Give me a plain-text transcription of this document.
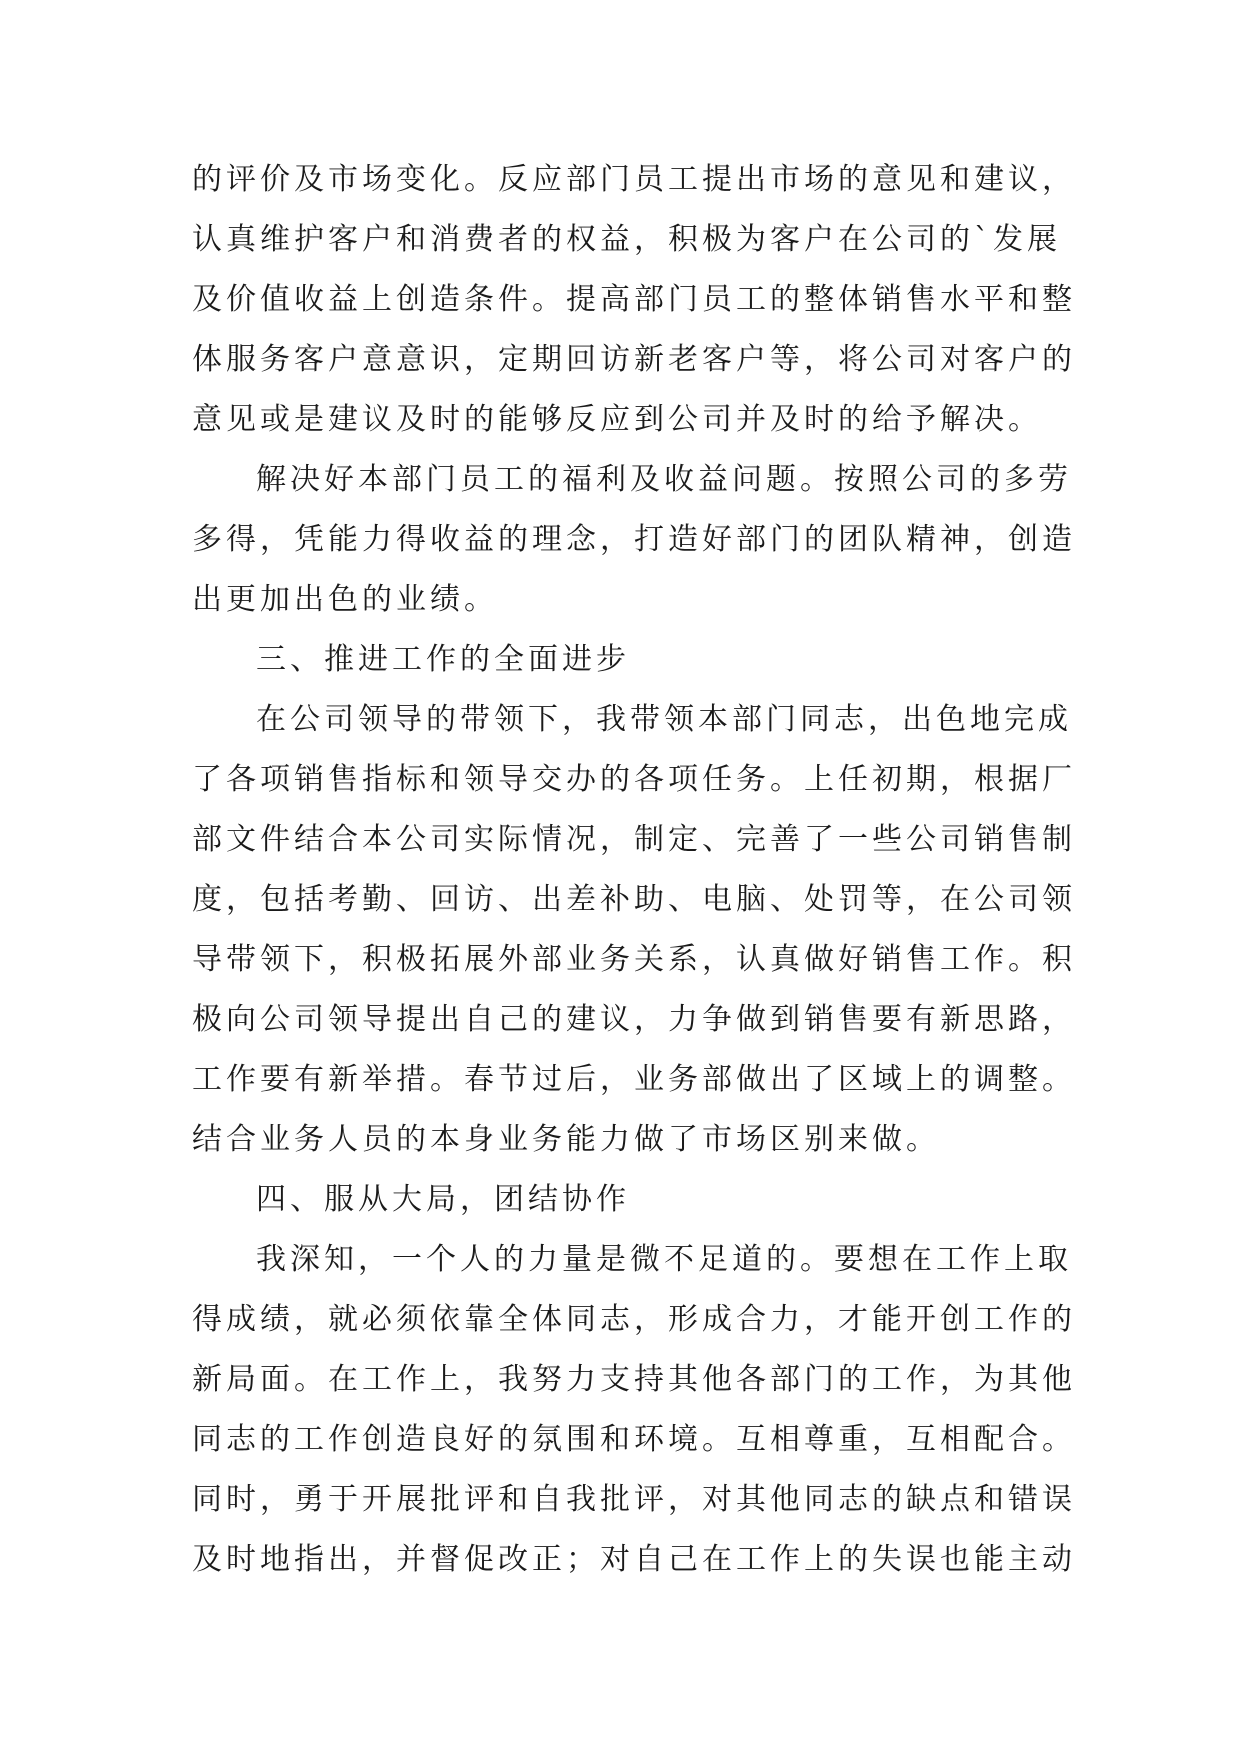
的评价及市场变化。反应部门员工提出市场的意见和建议，
认真维护客户和消费者的权益，积极为客户在公司的`发展
及价值收益上创造条件。提高部门员工的整体销售水平和整
体服务客户意意识，定期回访新老客户等，将公司对客户的
意见或是建议及时的能够反应到公司并及时的给予解决。
解决好本部门员工的福利及收益问题。按照公司的多劳
多得，凭能力得收益的理念，打造好部门的团队精神，创造
出更加出色的业绩。
三、推进工作的全面进步
在公司领导的带领下，我带领本部门同志，出色地完成
了各项销售指标和领导交办的各项任务。上任初期，根据厂
部文件结合本公司实际情况，制定、完善了一些公司销售制
度，包括考勤、回访、出差补助、电脑、处罚等，在公司领
导带领下，积极拓展外部业务关系，认真做好销售工作。积
极向公司领导提出自己的建议，力争做到销售要有新思路，
工作要有新举措。春节过后，业务部做出了区域上的调整。
结合业务人员的本身业务能力做了市场区别来做。
四、服从大局，团结协作
我深知，一个人的力量是微不足道的。要想在工作上取
得成绩，就必须依靠全体同志，形成合力，才能开创工作的
新局面。在工作上，我努力支持其他各部门的工作，为其他
同志的工作创造良好的氛围和环境。互相尊重，互相配合。
同时，勇于开展批评和自我批评，对其他同志的缺点和错误
及时地指出，并督促改正；对自己在工作上的失误也能主动
